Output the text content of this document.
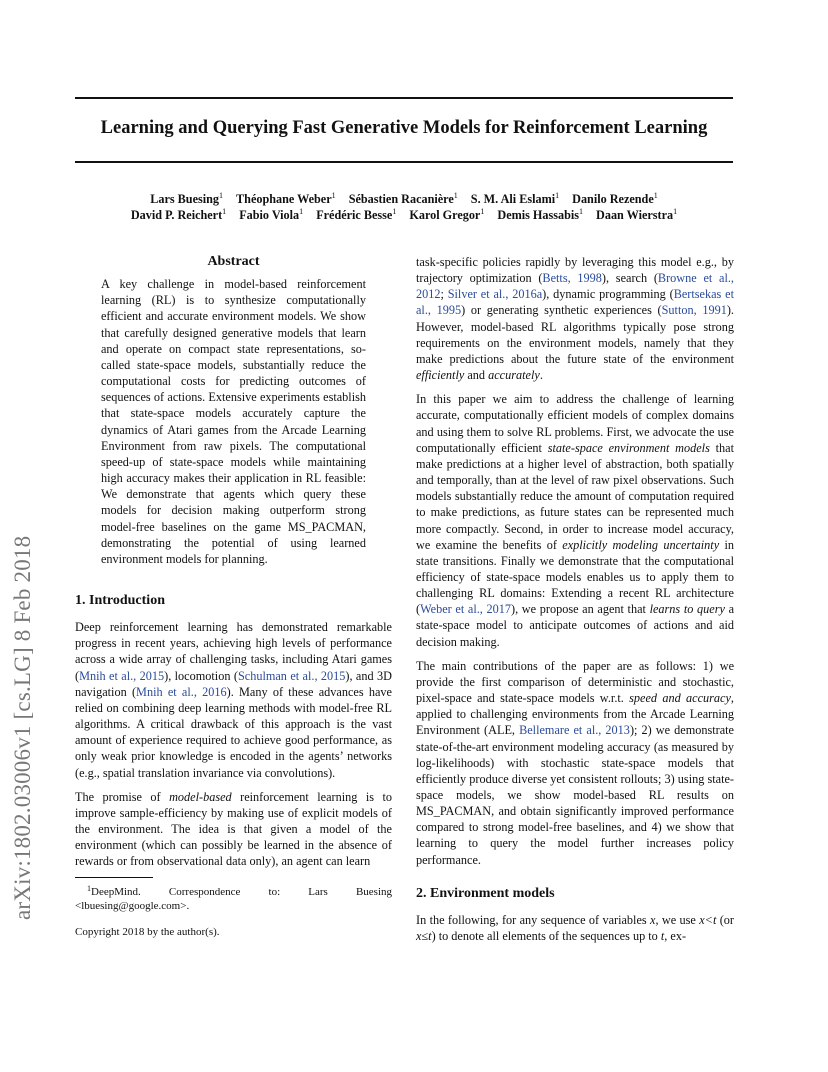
Learning and Querying Fast Generative Models for Reinforcement Learning
Lars Buesing$^1$ Théophane Weber$^1$ Sébastien Racanière$^1$ S. M. Ali Eslami$^1$ Danilo Rezende$^1$
David P. Reichert$^1$ Fabio Viola$^1$ Frédéric Besse$^1$ Karol Gregor$^1$ Demis Hassabis$^1$ Daan Wierstra$^1$
arXiv:1802.03006v1 [cs.LG] 8 Feb 2018
Abstract

A key challenge in model-based reinforcement learning (RL) is to synthesize computationally efficient and accurate environment models. We show that carefully designed generative models that learn and operate on compact state representations, so-called state-space models, substantially reduce the computational costs for predicting outcomes of sequences of actions. Extensive experiments establish that state-space models accurately capture the dynamics of Atari games from the Arcade Learning Environment from raw pixels. The computational speed-up of state-space models while maintaining high accuracy makes their application in RL feasible: We demonstrate that agents which query these models for decision making outperform strong model-free baselines on the game MS_PACMAN, demonstrating the potential of using learned environment models for planning.

1. Introduction

Deep reinforcement learning has demonstrated remarkable progress in recent years, achieving high levels of performance across a wide array of challenging tasks, including Atari games (Mnih et al., 2015), locomotion (Schulman et al., 2015), and 3D navigation (Mnih et al., 2016). Many of these advances have relied on combining deep learning methods with model-free RL algorithms. A critical drawback of this approach is the vast amount of experience required to achieve good performance, as only weak prior knowledge is encoded in the agents’ networks (e.g., spatial translation invariance via convolutions).

The promise of model-based reinforcement learning is to improve sample-efficiency by making use of explicit models of the environment. The idea is that given a model of the environment (which can possibly be learned in the absence of rewards or from observational data only), an agent can learn

$^1$DeepMind. Correspondence to: Lars Buesing <lbuesing@google.com>.

Copyright 2018 by the author(s).

task-specific policies rapidly by leveraging this model e.g., by trajectory optimization (Betts, 1998), search (Browne et al., 2012; Silver et al., 2016a), dynamic programming (Bertsekas et al., 1995) or generating synthetic experiences (Sutton, 1991). However, model-based RL algorithms typically pose strong requirements on the environment models, namely that they make predictions about the future state of the environment efficiently and accurately.

In this paper we aim to address the challenge of learning accurate, computationally efficient models of complex domains and using them to solve RL problems. First, we advocate the use computationally efficient state-space environment models that make predictions at a higher level of abstraction, both spatially and temporally, than at the level of raw pixel observations. Such models substantially reduce the amount of computation required to make predictions, as future states can be represented much more compactly. Second, in order to increase model accuracy, we examine the benefits of explicitly modeling uncertainty in state transitions. Finally we demonstrate that the computational efficiency of state-space models enables us to apply them to challenging RL domains: Extending a recent RL architecture (Weber et al., 2017), we propose an agent that learns to query a state-space model to anticipate outcomes of actions and aid decision making.

The main contributions of the paper are as follows: 1) we provide the first comparison of deterministic and stochastic, pixel-space and state-space models w.r.t. speed and accuracy, applied to challenging environments from the Arcade Learning Environment (ALE, Bellemare et al., 2013); 2) we demonstrate state-of-the-art environment modeling accuracy (as measured by log-likelihoods) with stochastic state-space models that efficiently produce diverse yet consistent rollouts; 3) using state-space models, we show model-based RL results on MS_PACMAN, and obtain significantly improved performance compared to strong model-free baselines, and 4) we show that learning to query the model further increases policy performance.

2. Environment models

In the following, for any sequence of variables x, we use x<t (or x≤t) to denote all elements of the sequences up to t, ex-
